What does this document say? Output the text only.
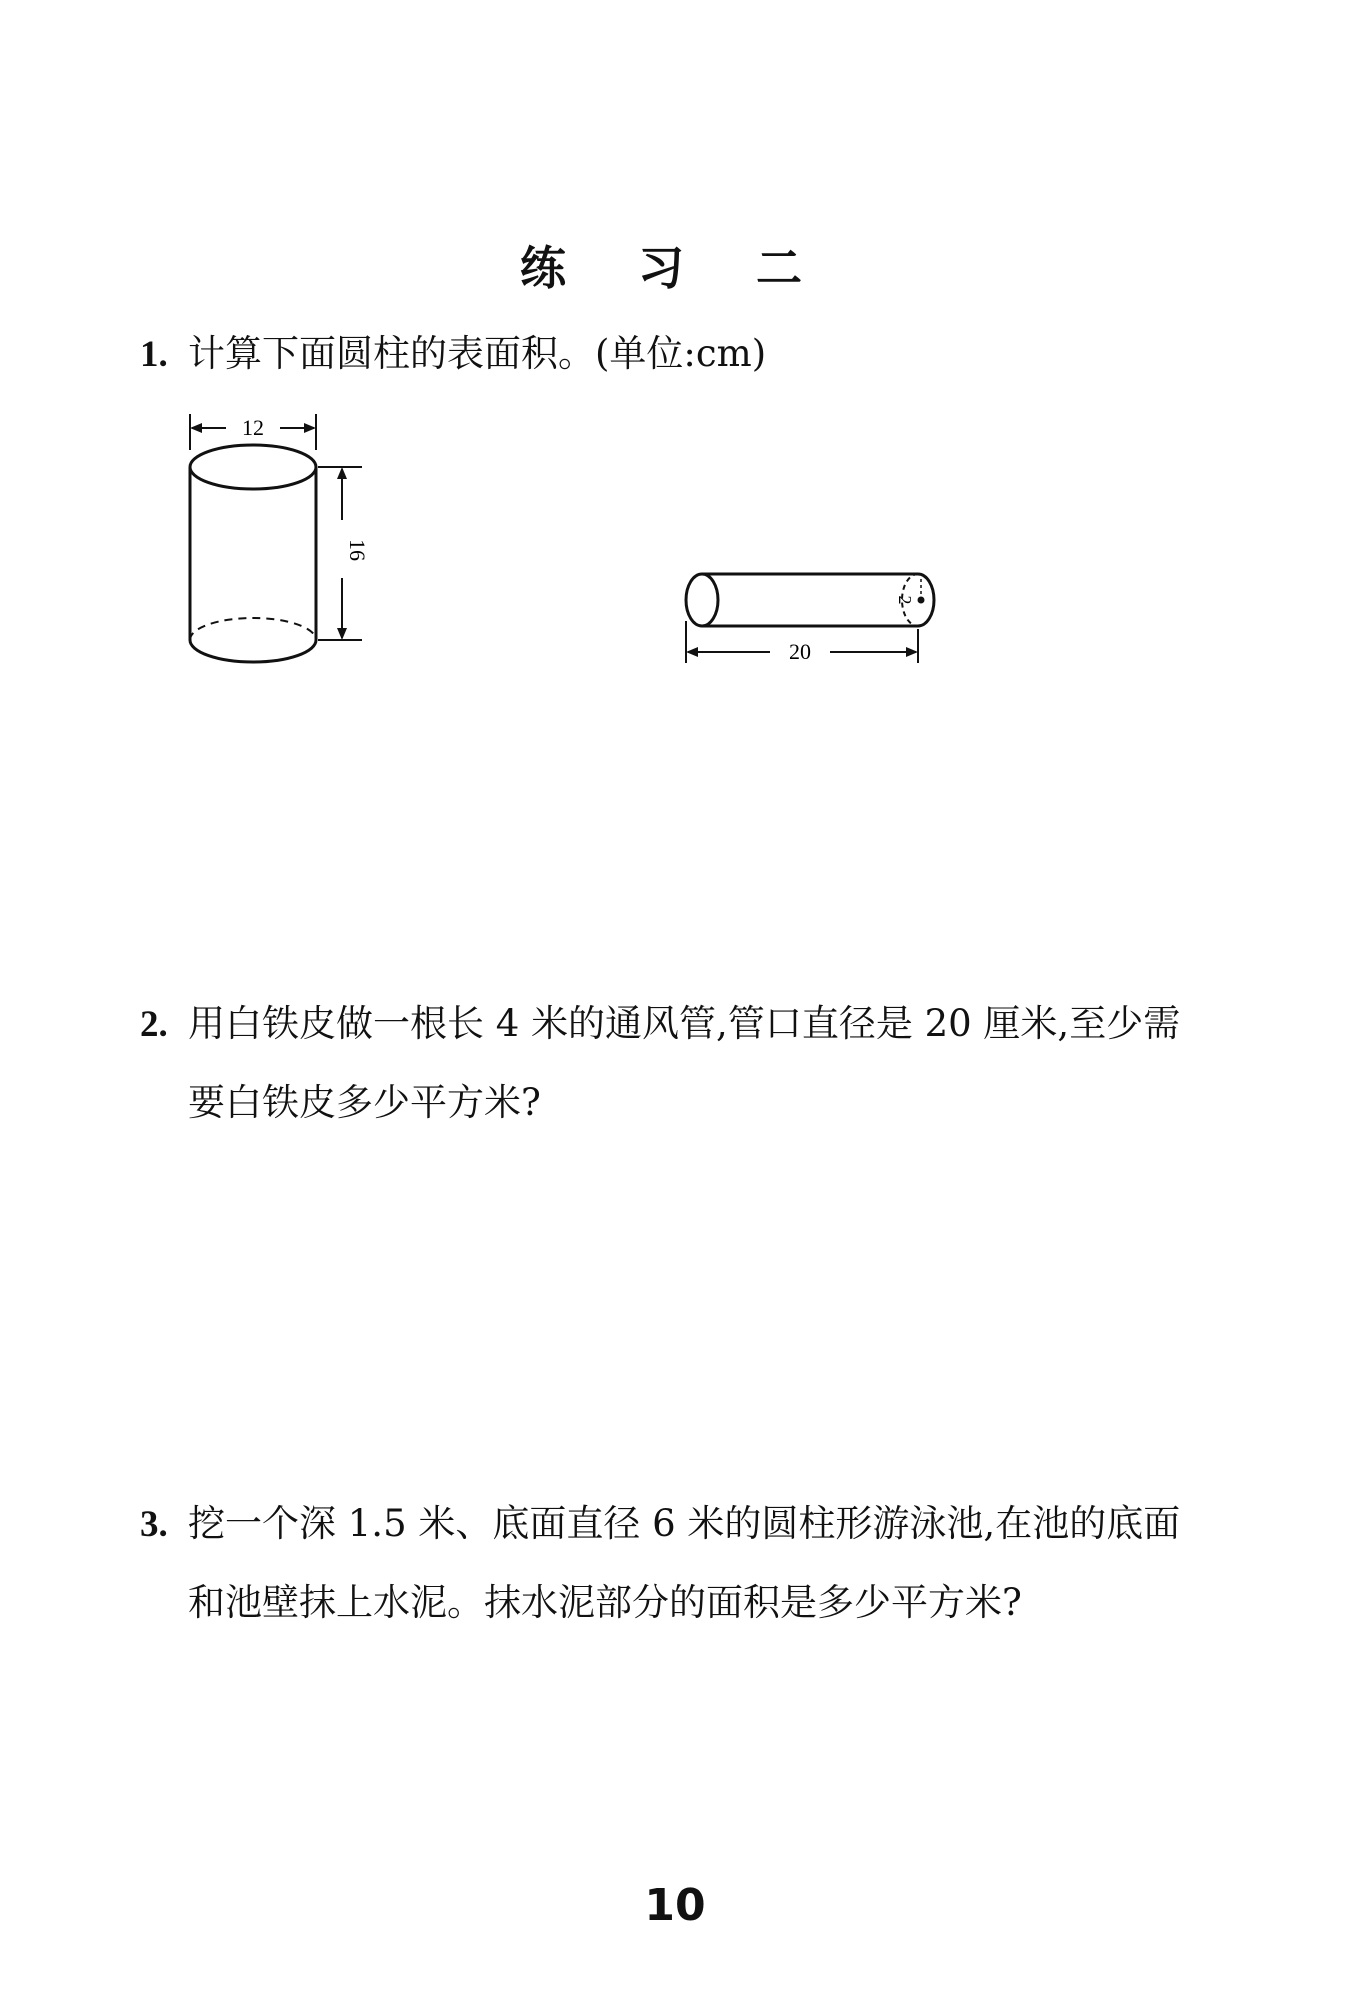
练 习 二
1. 计算下面圆柱的表面积。(单位:cm)
12
16
2
20
2. 用白铁皮做一根长 4 米的通风管,管口直径是 20 厘米,至少需
要白铁皮多少平方米?
3. 挖一个深 1.5 米、底面直径 6 米的圆柱形游泳池,在池的底面
和池壁抹上水泥。抹水泥部分的面积是多少平方米?
10
